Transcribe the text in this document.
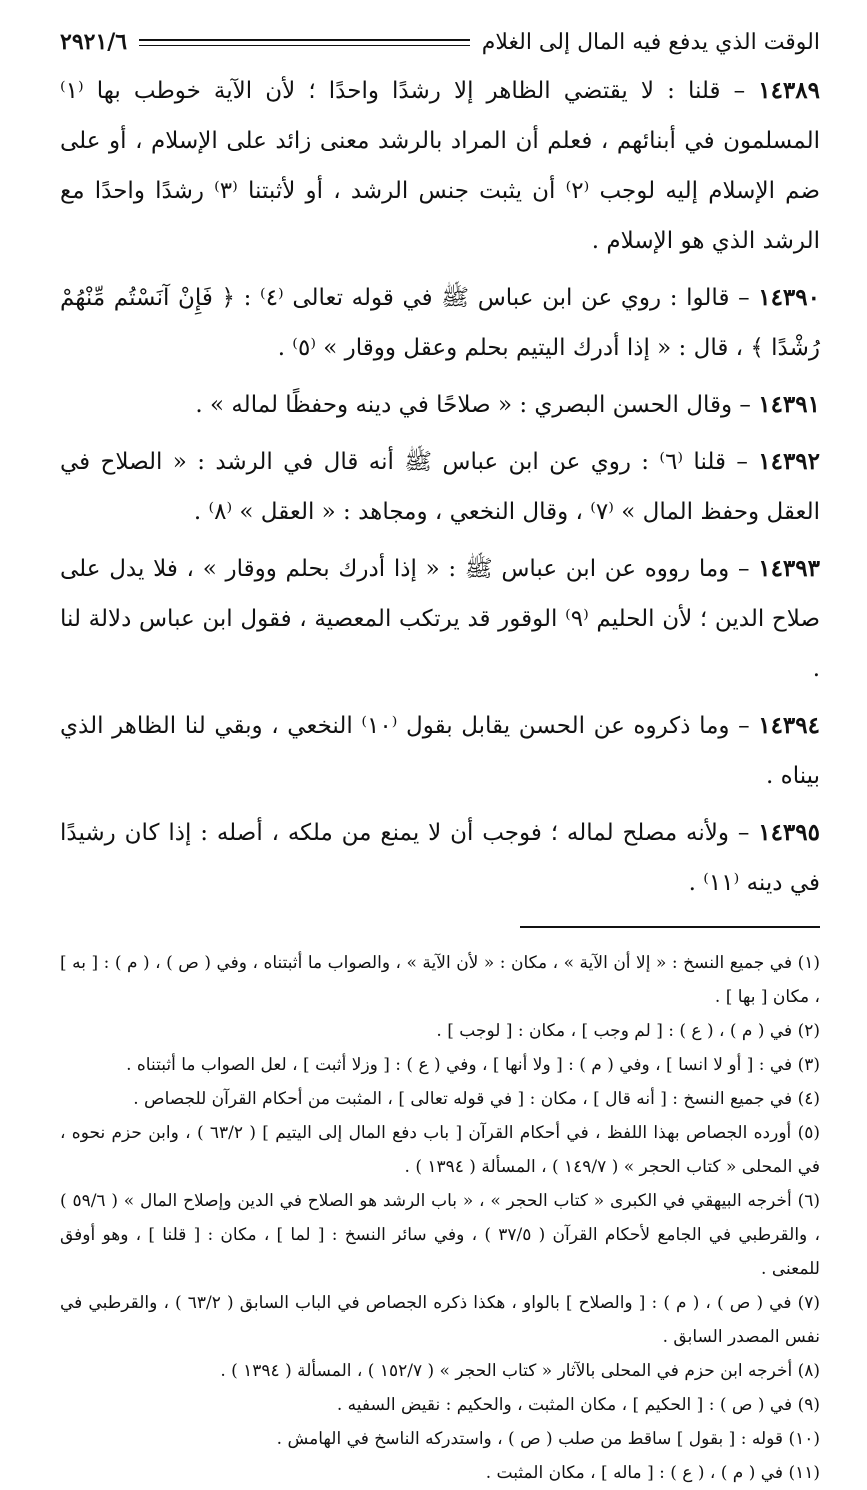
الوقت الذي يدفع فيه المال إلى الغلام
٢٩٢١/٦

١٤٣٨٩ – قلنا : لا يقتضي الظاهر إلا رشدًا واحدًا ؛ لأن الآية خوطب بها ⁽١⁾ المسلمون في أبنائهم ، فعلم أن المراد بالرشد معنى زائد على الإسلام ، أو على ضم الإسلام إليه لوجب ⁽٢⁾ أن يثبت جنس الرشد ، أو لأثبتنا ⁽٣⁾ رشدًا واحدًا مع الرشد الذي هو الإسلام .

١٤٣٩٠ – قالوا : روي عن ابن عباس ﷺ في قوله تعالى ⁽٤⁾ : ﴿ فَإِنْ آنَسْتُم مِّنْهُمْ رُشْدًا ﴾ ، قال : « إذا أدرك اليتيم بحلم وعقل ووقار » ⁽٥⁾ .

١٤٣٩١ – وقال الحسن البصري : « صلاحًا في دينه وحفظًا لماله » .

١٤٣٩٢ – قلنا ⁽٦⁾ : روي عن ابن عباس ﷺ أنه قال في الرشد : « الصلاح في العقل وحفظ المال » ⁽٧⁾ ، وقال النخعي ، ومجاهد : « العقل » ⁽٨⁾ .

١٤٣٩٣ – وما رووه عن ابن عباس ﷺ : « إذا أدرك بحلم ووقار » ، فلا يدل على صلاح الدين ؛ لأن الحليم ⁽٩⁾ الوقور قد يرتكب المعصية ، فقول ابن عباس دلالة لنا .

١٤٣٩٤ – وما ذكروه عن الحسن يقابل بقول ⁽١٠⁾ النخعي ، وبقي لنا الظاهر الذي بيناه .

١٤٣٩٥ – ولأنه مصلح لماله ؛ فوجب أن لا يمنع من ملكه ، أصله : إذا كان رشيدًا في دينه ⁽١١⁾ .

(١) في جميع النسخ : « إلا أن الآية » ، مكان : « لأن الآية » ، والصواب ما أثبتناه ، وفي ( ص ) ، ( م ) : [ به ] ، مكان [ بها ] .

(٢) في ( م ) ، ( ع ) : [ لم وجب ] ، مكان : [ لوجب ] .

(٣) في : [ أو لا انسا ] ، وفي ( م ) : [ ولا أنها ] ، وفي ( ع ) : [ وزلا أثبت ] ، لعل الصواب ما أثبتناه .

(٤) في جميع النسخ : [ أنه قال ] ، مكان : [ في قوله تعالى ] ، المثبت من أحكام القرآن للجصاص .

(٥) أورده الجصاص بهذا اللفظ ، في أحكام القرآن [ باب دفع المال إلى اليتيم ] ( ٦٣/٢ ) ، وابن حزم نحوه ، في المحلى « كتاب الحجر » ( ١٤٩/٧ ) ، المسألة ( ١٣٩٤ ) .

(٦) أخرجه البيهقي في الكبرى « كتاب الحجر » ، « باب الرشد هو الصلاح في الدين وإصلاح المال » ( ٥٩/٦ ) ، والقرطبي في الجامع لأحكام القرآن ( ٣٧/٥ ) ، وفي سائر النسخ : [ لما ] ، مكان : [ قلنا ] ، وهو أوفق للمعنى .

(٧) في ( ص ) ، ( م ) : [ والصلاح ] بالواو ، هكذا ذكره الجصاص في الباب السابق ( ٦٣/٢ ) ، والقرطبي في نفس المصدر السابق .

(٨) أخرجه ابن حزم في المحلى بالآثار « كتاب الحجر » ( ١٥٢/٧ ) ، المسألة ( ١٣٩٤ ) .

(٩) في ( ص ) : [ الحكيم ] ، مكان المثبت ، والحكيم : نقيض السفيه .

(١٠) قوله : [ بقول ] ساقط من صلب ( ص ) ، واستدركه الناسخ في الهامش .

(١١) في ( م ) ، ( ع ) : [ ماله ] ، مكان المثبت .
